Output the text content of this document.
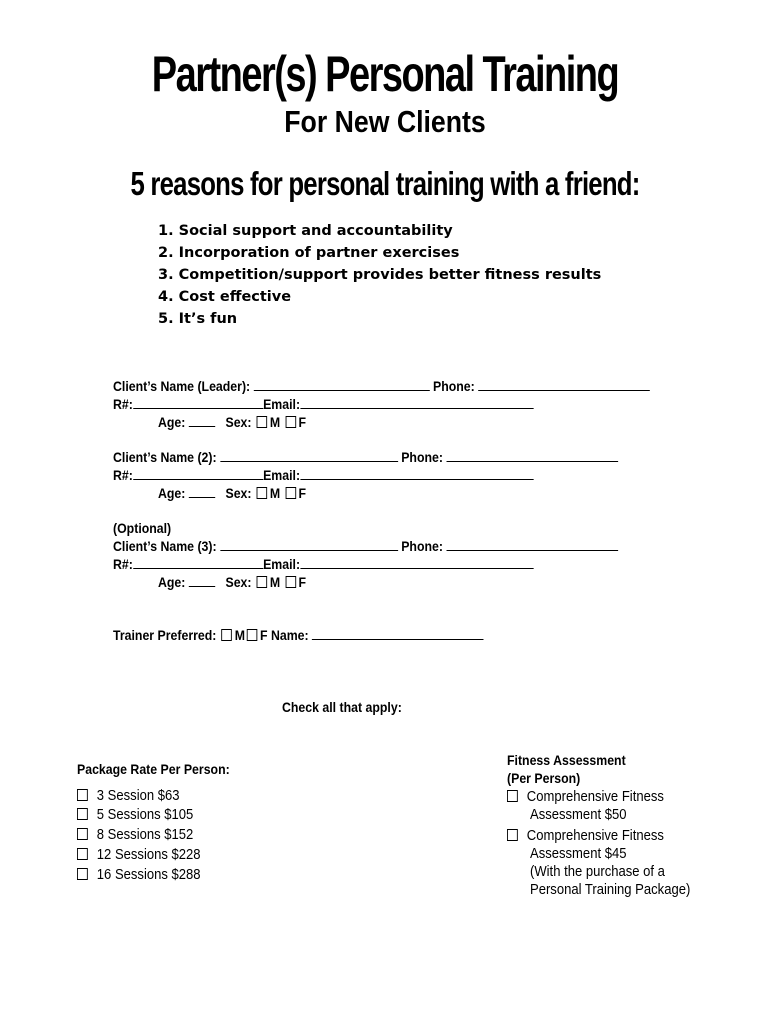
Partner(s) Personal Training
For New Clients
5 reasons for personal training with a friend:
1. Social support and accountability
2. Incorporation of partner exercises
3. Competition/support provides better fitness results
4. Cost effective
5. It’s fun
Client’s Name (Leader):	Phone:
R#:	Email:
Age:	Sex: M F
Client’s Name (2):	Phone:
R#:	Email:
Age:	Sex: M F
(Optional)
Client’s Name (3):	Phone:
R#:	Email:
Age:	Sex: M F
Trainer Preferred: M F Name:
Check all that apply:
Package Rate Per Person:
3 Session $63
5 Sessions $105
8 Sessions $152
12 Sessions $228
16 Sessions $288
Fitness Assessment
(Per Person)
Comprehensive Fitness
Assessment $50
Comprehensive Fitness
Assessment $45
(With the purchase of a
Personal Training Package)
